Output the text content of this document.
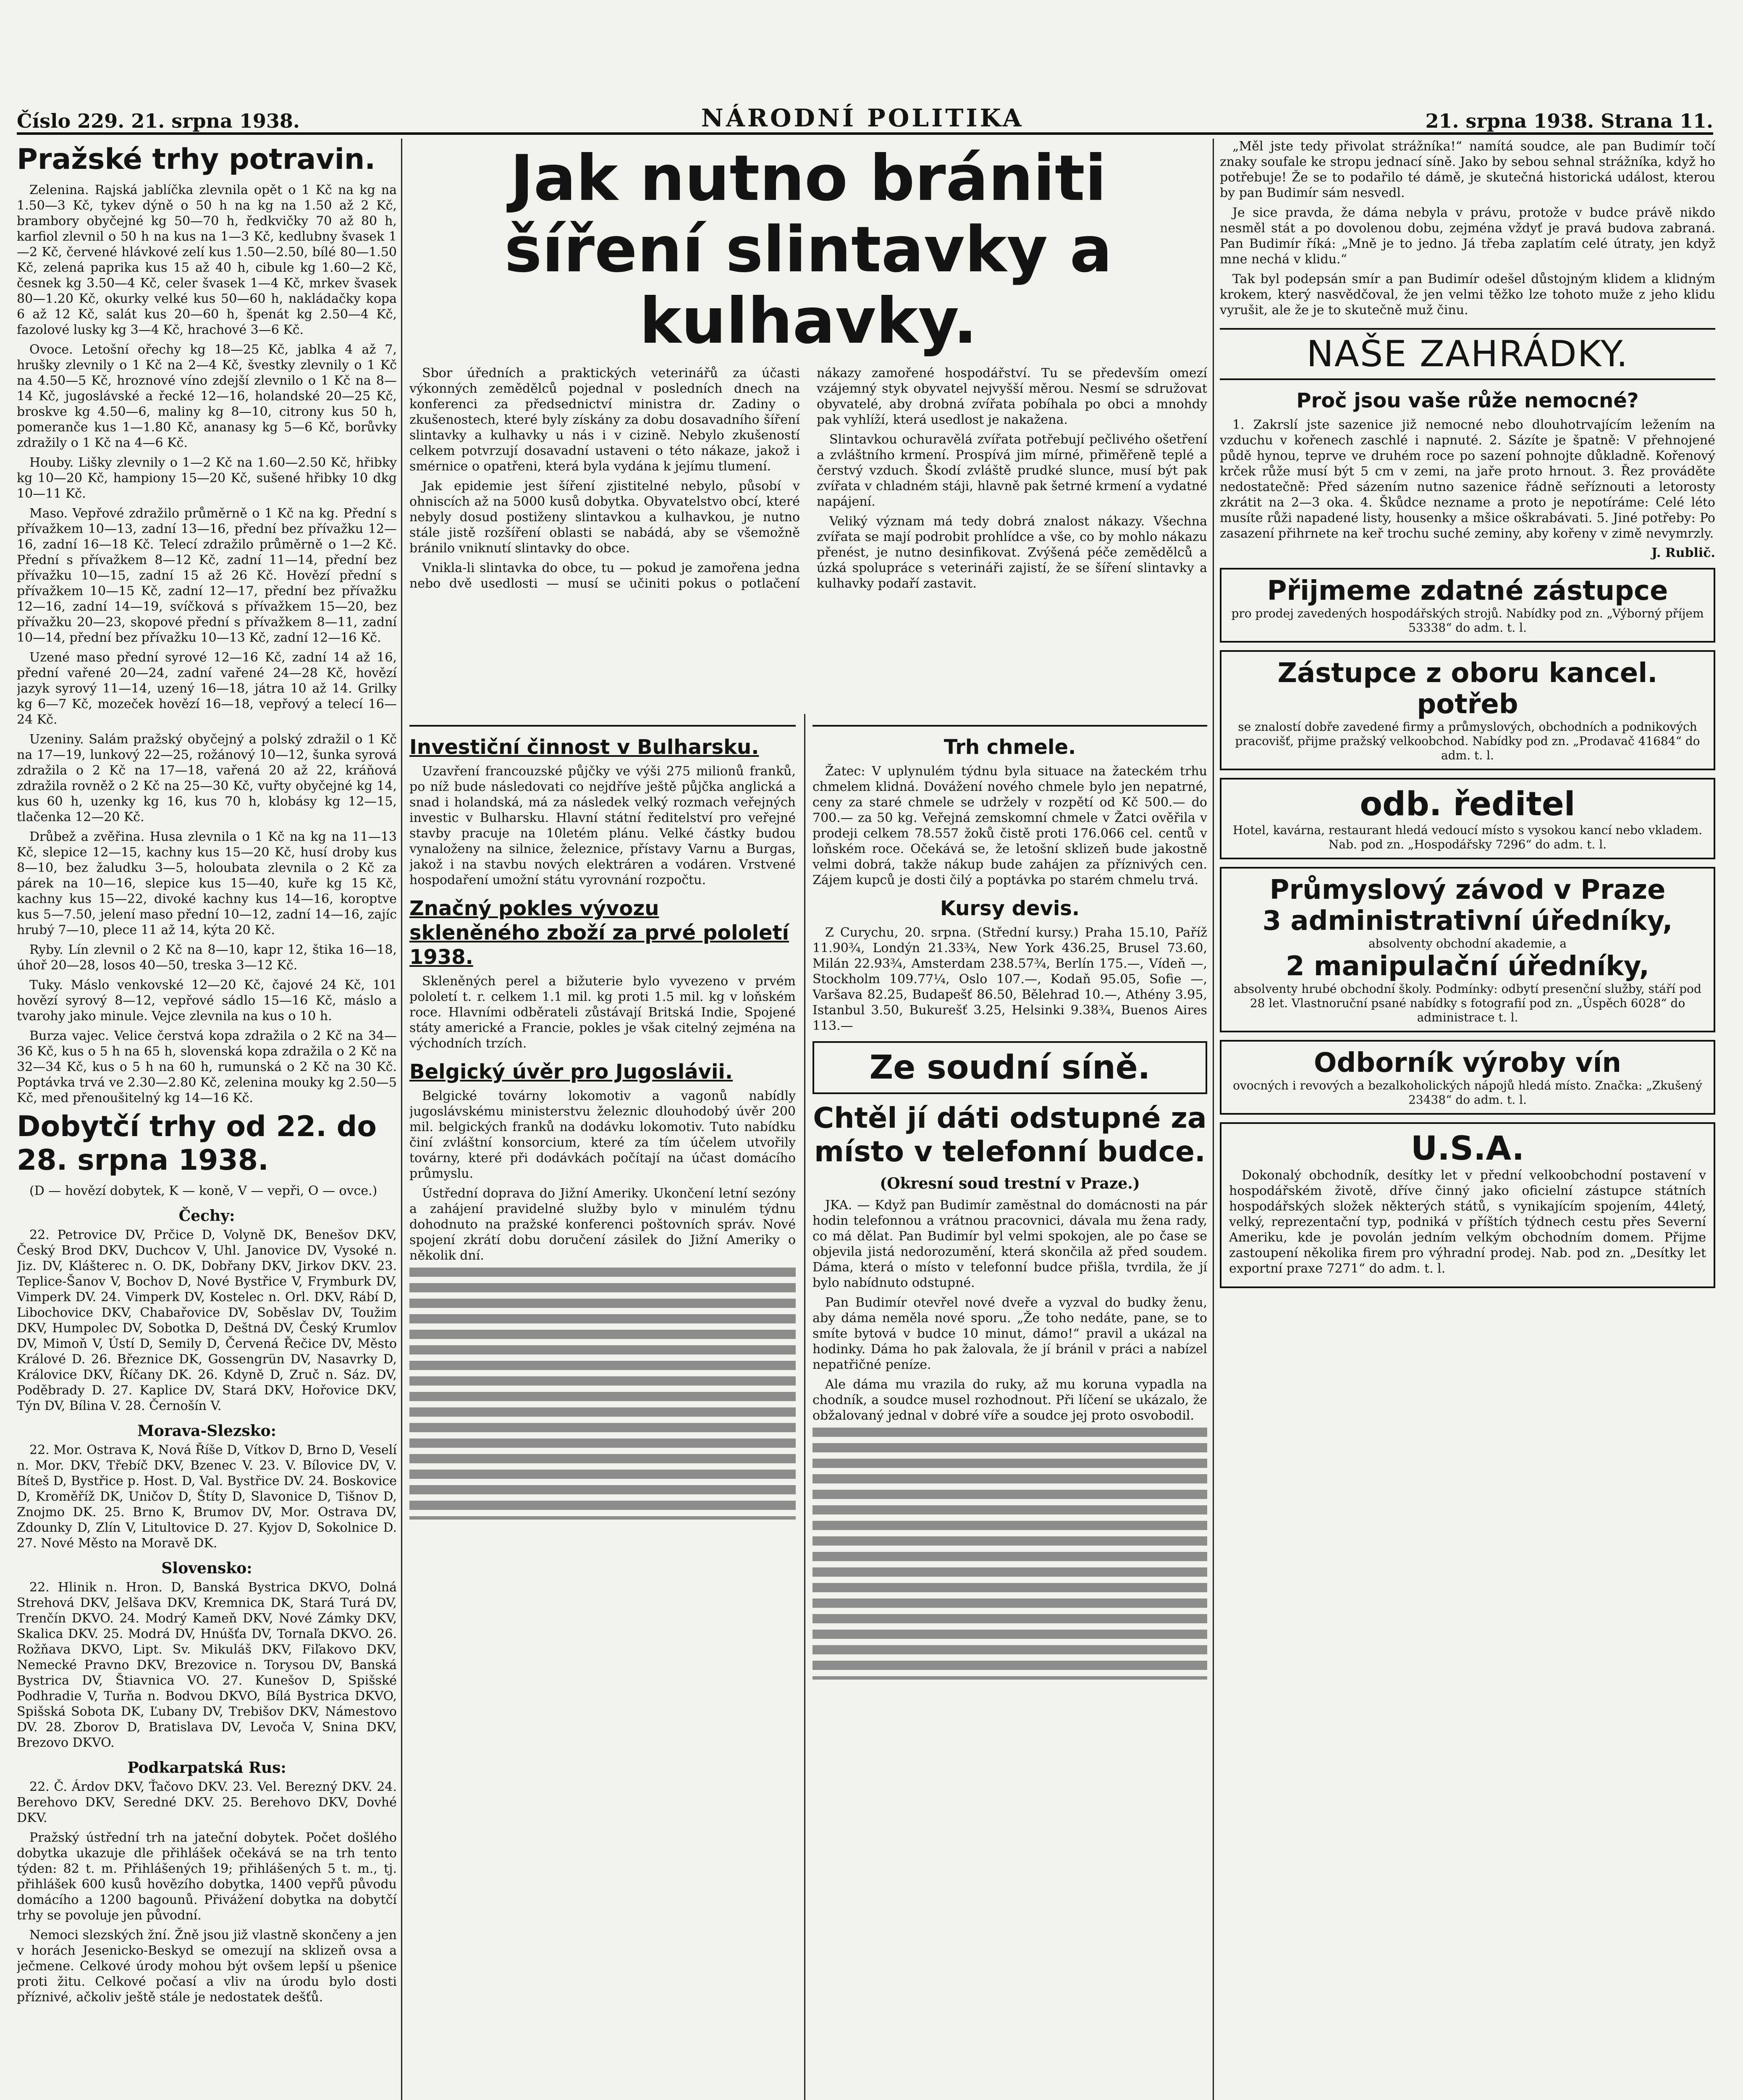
Číslo 229. 21. srpna 1938.	NÁRODNÍ POLITIKA	21. srpna 1938. Strana 11.
Pražské trhy potravin.

Zelenina. Rajská jablíčka zlevnila opět o 1 Kč na kg na 1.50—3 Kč, tykev dýně o 50 h na kg na 1.50 až 2 Kč, brambory obyčejné kg 50—70 h, ředkvičky 70 až 80 h, karfiol zlevnil o 50 h na kus na 1—3 Kč, kedlubny švasek 1—2 Kč, červené hlávkové zelí kus 1.50—2.50, bílé 80—1.50 Kč, zelená paprika kus 15 až 40 h, cibule kg 1.60—2 Kč, česnek kg 3.50—4 Kč, celer švasek 1—4 Kč, mrkev švasek 80—1.20 Kč, okurky velké kus 50—60 h, nakládačky kopa 6 až 12 Kč, salát kus 20—60 h, špenát kg 2.50—4 Kč, fazolové lusky kg 3—4 Kč, hrachové 3—6 Kč.

Ovoce. Letošní ořechy kg 18—25 Kč, jablka 4 až 7, hrušky zlevnily o 1 Kč na 2—4 Kč, švestky zlevnily o 1 Kč na 4.50—5 Kč, hroznové víno zdejší zlevnilo o 1 Kč na 8—14 Kč, jugoslávské a řecké 12—16, holandské 20—25 Kč, broskve kg 4.50—6, maliny kg 8—10, citrony kus 50 h, pomeranče kus 1—1.80 Kč, ananasy kg 5—6 Kč, borůvky zdražily o 1 Kč na 4—6 Kč.

Houby. Lišky zlevnily o 1—2 Kč na 1.60—2.50 Kč, hřibky kg 10—20 Kč, hampiony 15—20 Kč, sušené hřibky 10 dkg 10—11 Kč.

Maso. Vepřové zdražilo průměrně o 1 Kč na kg. Přední s přívažkem 10—13, zadní 13—16, přední bez přívažku 12—16, zadní 16—18 Kč. Telecí zdražilo průměrně o 1—2 Kč. Přední s přívažkem 8—12 Kč, zadní 11—14, přední bez přívažku 10—15, zadní 15 až 26 Kč. Hovězí přední s přívažkem 10—15 Kč, zadní 12—17, přední bez přívažku 12—16, zadní 14—19, svíčková s přívažkem 15—20, bez přívažku 20—23, skopové přední s přívažkem 8—11, zadní 10—14, přední bez přívažku 10—13 Kč, zadní 12—16 Kč.

Uzené maso přední syrové 12—16 Kč, zadní 14 až 16, přední vařené 20—24, zadní vařené 24—28 Kč, hovězí jazyk syrový 11—14, uzený 16—18, játra 10 až 14. Grilky kg 6—7 Kč, mozeček hovězí 16—18, vepřový a telecí 16—24 Kč.

Uzeniny. Salám pražský obyčejný a polský zdražil o 1 Kč na 17—19, lunkový 22—25, rožánový 10—12, šunka syrová zdražila o 2 Kč na 17—18, vařená 20 až 22, kráňová zdražila rovněž o 2 Kč na 25—30 Kč, vuřty obyčejné kg 14, kus 60 h, uzenky kg 16, kus 70 h, klobásy kg 12—15, tlačenka 12—20 Kč.

Drůbež a zvěřina. Husa zlevnila o 1 Kč na kg na 11—13 Kč, slepice 12—15, kachny kus 15—20 Kč, husí droby kus 8—10, bez žaludku 3—5, holoubata zlevnila o 2 Kč za párek na 10—16, slepice kus 15—40, kuře kg 15 Kč, kachny kus 15—22, divoké kachny kus 14—16, koroptve kus 5—7.50, jelení maso přední 10—12, zadní 14—16, zajíc hrubý 7—10, plece 11 až 14, kýta 20 Kč.

Ryby. Lín zlevnil o 2 Kč na 8—10, kapr 12, štika 16—18, úhoř 20—28, losos 40—50, treska 3—12 Kč.

Tuky. Máslo venkovské 12—20 Kč, čajové 24 Kč, 101 hovězí syrový 8—12, vepřové sádlo 15—16 Kč, máslo a tvarohy jako minule. Vejce zlevnila na kus o 10 h.

Burza vajec. Velice čerstvá kopa zdražila o 2 Kč na 34—36 Kč, kus o 5 h na 65 h, slovenská kopa zdražila o 2 Kč na 32—34 Kč, kus o 5 h na 60 h, rumunská o 2 Kč na 30 Kč. Poptávka trvá ve 2.30—2.80 Kč, zelenina mouky kg 2.50—5 Kč, med přenoušitelný kg 14—16 Kč.

Dobytčí trhy od 22. do 28. srpna 1938.

(D — hovězí dobytek, K — koně, V — vepři, O — ovce.)

Čechy:

22. Petrovice DV, Prčice D, Volyně DK, Benešov DKV, Český Brod DKV, Duchcov V, Uhl. Janovice DV, Vysoké n. Jiz. DV, Klášterec n. O. DK, Dobřany DKV, Jirkov DKV. 23. Teplice-Šanov V, Bochov D, Nové Bystřice V, Frymburk DV, Vimperk DV. 24. Vimperk DV, Kostelec n. Orl. DKV, Rábí D, Libochovice DKV, Chabařovice DV, Soběslav DV, Toužim DKV, Humpolec DV, Sobotka D, Deštná DV, Český Krumlov DV, Mimoň V, Ústí D, Semily D, Červená Řečice DV, Město Králové D. 26. Březnice DK, Gossengrün DV, Nasavrky D, Královice DKV, Říčany DK. 26. Kdyně D, Zruč n. Sáz. DV, Poděbrady D. 27. Kaplice DV, Stará DKV, Hořovice DKV, Týn DV, Bílina V. 28. Černošín V.

Morava-Slezsko:

22. Mor. Ostrava K, Nová Říše D, Vítkov D, Brno D, Veselí n. Mor. DKV, Třebíč DKV, Bzenec V. 23. V. Bílovice DV, V. Bíteš D, Bystřice p. Host. D, Val. Bystřice DV. 24. Boskovice D, Kroměříž DK, Uničov D, Štíty D, Slavonice D, Tišnov D, Znojmo DK. 25. Brno K, Brumov DV, Mor. Ostrava DV, Zdounky D, Zlín V, Litultovice D. 27. Kyjov D, Sokolnice D. 27. Nové Město na Moravě DK.

Slovensko:

22. Hlinik n. Hron. D, Banská Bystrica DKVO, Dolná Strehová DKV, Jelšava DKV, Kremnica DK, Stará Turá DV, Trenčín DKVO. 24. Modrý Kameň DKV, Nové Zámky DKV, Skalica DKV. 25. Modrá DV, Hnúšťa DV, Tornaľa DKVO. 26. Rožňava DKVO, Lipt. Sv. Mikuláš DKV, Fiľakovo DKV, Nemecké Pravno DKV, Brezovice n. Torysou DV, Banská Bystrica DV, Štiavnica VO. 27. Kunešov D, Spišské Podhradie V, Turňa n. Bodvou DKVO, Bílá Bystrica DKVO, Spišská Sobota DK, Ľubany DV, Trebišov DKV, Námestovo DV. 28. Zborov D, Bratislava DV, Levoča V, Snina DKV, Brezovo DKVO.

Podkarpatská Rus:

22. Č. Árdov DKV, Ťačovo DKV. 23. Vel. Berezný DKV. 24. Berehovo DKV, Seredné DKV. 25. Berehovo DKV, Dovhé DKV.

Pražský ústřední trh na jateční dobytek. Počet došlého dobytka ukazuje dle přihlášek očekává se na trh tento týden: 82 t. m. Přihlášených 19; přihlášených 5 t. m., tj. přihlášek 600 kusů hovězího dobytka, 1400 vepřů původu domácího a 1200 bagounů. Přivážení dobytka na dobytčí trhy se povoluje jen původní.

Nemoci slezských žní. Žně jsou již vlastně skončeny a jen v horách Jesenicko-Beskyd se omezují na sklizeň ovsa a ječmene. Celkové úrody mohou být ovšem lepší u pšenice proti žitu. Celkové počasí a vliv na úrodu bylo dosti příznivé, ačkoliv ještě stále je nedostatek dešťů.

Jak nutno brániti šíření slintavky a kulhavky.

Sbor úředních a praktických veterinářů za účasti výkonných zemědělců pojednal v posledních dnech na konferenci za předsednictví ministra dr. Zadiny o zkušenostech, které byly získány za dobu dosavadního šíření slintavky a kulhavky u nás i v cizině. Nebylo zkušeností celkem potvrzují dosavadní ustaveni o této nákaze, jakož i smérnice o opatřeni, která byla vydána k jejímu tlumení.

Jak epidemie jest šíření zjistitelné nebylo, působí v ohniscích až na 5000 kusů dobytka. Obyvatelstvo obcí, které nebyly dosud postiženy slintavkou a kulhavkou, je nutno stále jistě rozšíření oblasti se nabádá, aby se všemožně bránilo vniknutí slintavky do obce.

Vnikla-li slintavka do obce, tu — pokud je zamořena jedna nebo dvě usedlosti — musí se učiniti pokus o potlačení nákazy zamořené hospodářství. Tu se především omezí vzájemný styk obyvatel nejvyšší měrou. Nesmí se sdružovat obyvatelé, aby drobná zvířata pobíhala po obci a mnohdy pak vyhlíží, která usedlost je nakažena.

Slintavkou ochuravělá zvířata potřebují pečlivého ošetření a zvláštního krmení. Prospívá jim mírné, přiměřeně teplé a čerstvý vzduch. Škodí zvláště prudké slunce, musí být pak zvířata v chladném stáji, hlavně pak šetrné krmení a vydatné napájení.

Veliký význam má tedy dobrá znalost nákazy. Všechna zvířata se mají podrobit prohlídce a vše, co by mohlo nákazu přenést, je nutno desinfikovat. Zvýšená péče zemědělců a úzká spolupráce s veterináři zajistí, že se šíření slintavky a kulhavky podaří zastavit.

Investiční činnost v Bulharsku.

Uzavření francouzské půjčky ve výši 275 milionů franků, po níž bude následovati co nejdříve ještě půjčka anglická a snad i holandská, má za následek velký rozmach veřejných investic v Bulharsku. Hlavní státní ředitelství pro veřejné stavby pracuje na 10letém plánu. Velké částky budou vynaloženy na silnice, železnice, přístavy Varnu a Burgas, jakož i na stavbu nových elektráren a vodáren. Vrstvené hospodaření umožní státu vyrovnání rozpočtu.

Značný pokles vývozu skleněného zboží za prvé pololetí 1938.

Skleněných perel a bižuterie bylo vyvezeno v prvém pololetí t. r. celkem 1.1 mil. kg proti 1.5 mil. kg v loňském roce. Hlavními odběrateli zůstávají Britská Indie, Spojené státy americké a Francie, pokles je však citelný zejména na východních trzích.

Belgický úvěr pro Jugoslávii.

Belgické továrny lokomotiv a vagonů nabídly jugoslávskému ministerstvu železnic dlouhodobý úvěr 200 mil. belgických franků na dodávku lokomotiv. Tuto nabídku činí zvláštní konsorcium, které za tím účelem utvořily továrny, které při dodávkách počítají na účast domácího průmyslu.

Ústřední doprava do Jižní Ameriky. Ukončení letní sezóny a zahájení pravidelné služby bylo v minulém týdnu dohodnuto na pražské konferenci poštovních správ. Nové spojení zkrátí dobu doručení zásilek do Jižní Ameriky o několik dní.

Trh chmele.

Žatec: V uplynulém týdnu byla situace na žateckém trhu chmelem klidná. Dovážení nového chmele bylo jen nepatrné, ceny za staré chmele se udržely v rozpětí od Kč 500.— do 700.— za 50 kg. Veřejná zemskomní chmele v Žatci ověřila v prodeji celkem 78.557 žoků čistě proti 176.066 cel. centů v loňském roce. Očekává se, že letošní sklizeň bude jakostně velmi dobrá, takže nákup bude zahájen za příznivých cen. Zájem kupců je dosti čilý a poptávka po starém chmelu trvá.

Kursy devis.

Z Curychu, 20. srpna. (Střední kursy.) Praha 15.10, Paříž 11.90¾, Londýn 21.33¾, New York 436.25, Brusel 73.60, Milán 22.93¾, Amsterdam 238.57¾, Berlín 175.—, Vídeň —, Stockholm 109.77¼, Oslo 107.—, Kodaň 95.05, Sofie —, Varšava 82.25, Budapešť 86.50, Bělehrad 10.—, Athény 3.95, Istanbul 3.50, Bukurešť 3.25, Helsinki 9.38¾, Buenos Aires 113.—

Ze soudní síně.
Chtěl jí dáti odstupné za místo v telefonní budce.
(Okresní soud trestní v Praze.)

JKA. — Když pan Budimír zaměstnal do domácnosti na pár hodin telefonnou a vrátnou pracovnici, dávala mu žena rady, co má dělat. Pan Budimír byl velmi spokojen, ale po čase se objevila jistá nedorozumění, která skončila až před soudem. Dáma, která o místo v telefonní budce přišla, tvrdila, že jí bylo nabídnuto odstupné.

Pan Budimír otevřel nové dveře a vyzval do budky ženu, aby dáma neměla nové sporu. „Že toho nedáte, pane, se to smíte bytová v budce 10 minut, dámo!“ pravil a ukázal na hodinky. Dáma ho pak žalovala, že jí bránil v práci a nabízel nepatřičné peníze.

Ale dáma mu vrazila do ruky, až mu koruna vypadla na chodník, a soudce musel rozhodnout. Při líčení se ukázalo, že obžalovaný jednal v dobré víře a soudce jej proto osvobodil.

„Měl jste tedy přivolat strážníka!“ namítá soudce, ale pan Budimír točí znaky soufale ke stropu jednací síně. Jako by sebou sehnal strážníka, když ho potřebuje! Že se to podařilo té dámě, je skutečná historická událost, kterou by pan Budimír sám nesvedl.

Je sice pravda, že dáma nebyla v právu, protože v budce právě nikdo nesměl stát a po dovolenou dobu, zejména vždyť je pravá budova zabraná. Pan Budimír říká: „Mně je to jedno. Já třeba zaplatím celé útraty, jen když mne nechá v klidu.“

Tak byl podepsán smír a pan Budimír odešel důstojným klidem a klidným krokem, který nasvědčoval, že jen velmi těžko lze tohoto muže z jeho klidu vyrušit, ale že je to skutečně muž činu.

NAŠE ZAHRÁDKY.
Proč jsou vaše růže nemocné?

1. Zakrslí jste sazenice již nemocné nebo dlouhotrvajícím ležením na vzduchu v kořenech zaschlé i napnuté. 2. Sázíte je špatně: V přehnojené půdě hynou, teprve ve druhém roce po sazení pohnojte důkladně. Kořenový krček růže musí být 5 cm v zemi, na jaře proto hrnout. 3. Řez prováděte nedostatečně: Před sázením nutno sazenice řádně seříznouti a letorosty zkrátit na 2—3 oka. 4. Škůdce nezname a proto je nepotíráme: Celé léto musíte růži napadené listy, housenky a mšice oškrabávati. 5. Jiné potřeby: Po zasazení přihrnete na keř trochu suché zeminy, aby kořeny v zimě nevymrzly.

J. Rublič.
Přijmeme zdatné zástupce
pro prodej zavedených hospodářských strojů. Nabídky pod zn. „Výborný příjem 53338“ do adm. t. l.
Zástupce z oboru kancel. potřeb
se znalostí dobře zavedené firmy a průmyslových, obchodních a podnikových pracovišť, přijme pražský velkoobchod. Nabídky pod zn. „Prodavač 41684“ do adm. t. l.
odb. ředitel
Hotel, kavárna, restaurant hledá vedoucí místo s vysokou kancí nebo vkladem. Nab. pod zn. „Hospodářsky 7296“ do adm. t. l.
Průmyslový závod v Praze
3 administrativní úředníky,
absolventy obchodní akademie, a
2 manipulační úředníky,
absolventy hrubé obchodní školy. Podmínky: odbytí presenční služby, stáří pod 28 let. Vlastnoruční psané nabídky s fotografií pod zn. „Úspěch 6028“ do administrace t. l.
Odborník výroby vín
ovocných i revových a bezalkoholických nápojů hledá místo. Značka: „Zkušený 23438“ do adm. t. l.
U.S.A.

Dokonalý obchodník, desítky let v přední velkoobchodní postavení v hospodářském životě, dříve činný jako oficielní zástupce státních hospodářských složek některých států, s vynikajícím spojením, 44letý, velký, reprezentační typ, podniká v příštích týdnech cestu přes Severní Ameriku, kde je povolán jedním velkým obchodním domem. Přijme zastoupení několika firem pro výhradní prodej. Nab. pod zn. „Desítky let exportní praxe 7271“ do adm. t. l.
